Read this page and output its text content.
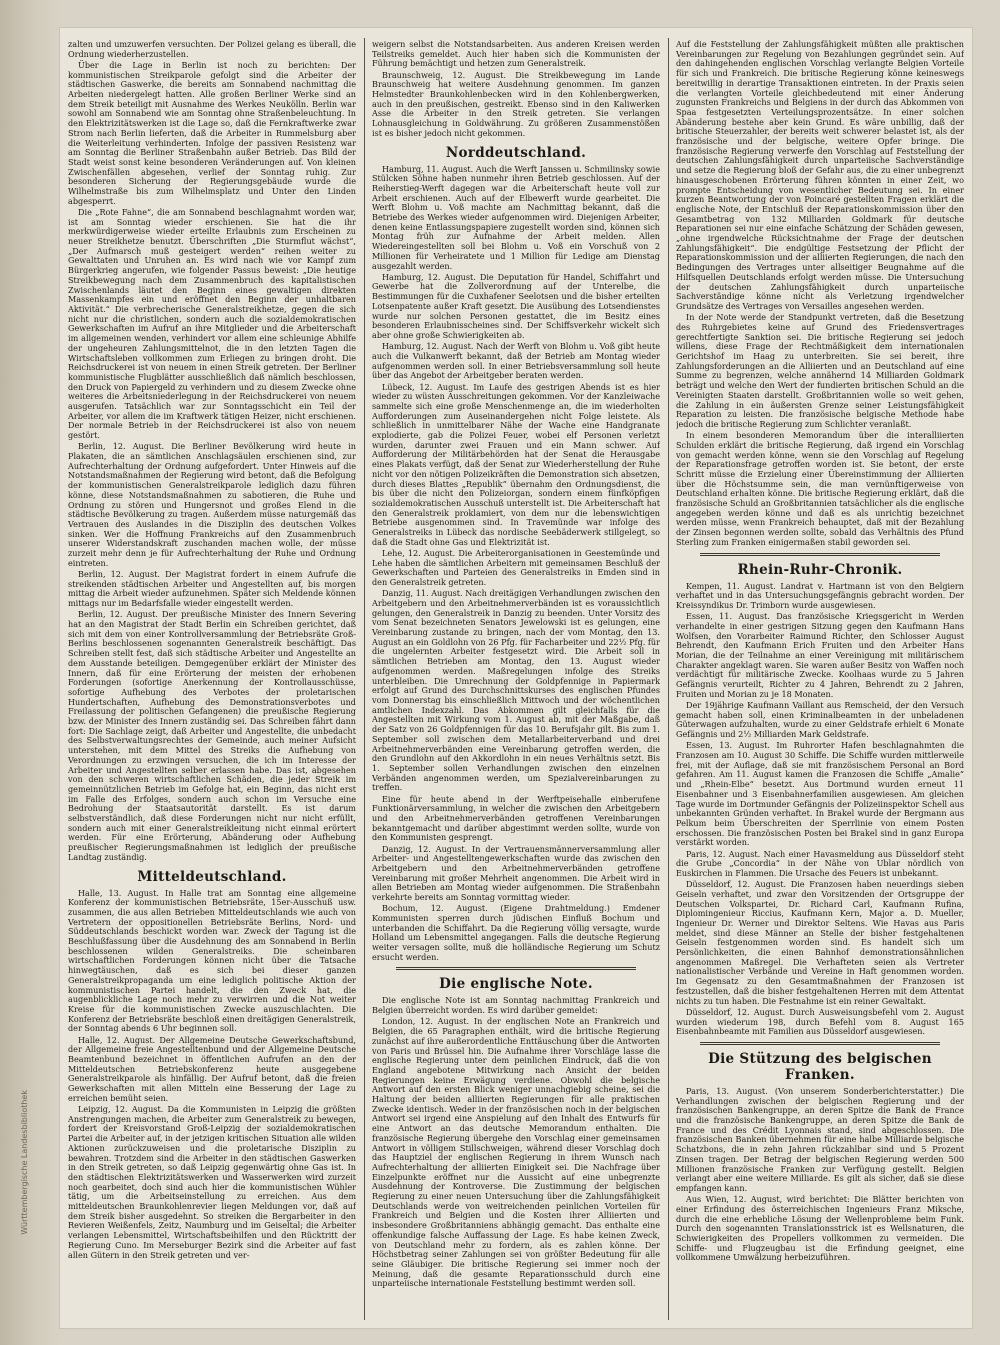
Württembergische Landesbibliothek

zalten und umzuwerfen versuchten. Der Polizei gelang es überall, die Ordnung wiederherzustellen.

Über die Lage in Berlin ist noch zu berichten: Der kommunistischen Streikparole gefolgt sind die Arbeiter der städtischen Gaswerke, die bereits am Sonnabend nachmittag die Arbeiten niedergelegt hatten. Alle großen Berliner Werke sind an dem Streik beteiligt mit Ausnahme des Werkes Neukölln. Berlin war sowohl am Sonnabend wie am Sonntag ohne Straßenbeleuchtung. In den Elektrizitätswerken ist die Lage so, daß die Fernkraftwerke zwar Strom nach Berlin lieferten, daß die Arbeiter in Rummelsburg aber die Weiterleitung verhinderten. Infolge der passiven Resistenz war am Sonntag die Berliner Straßenbahn außer Betrieb. Das Bild der Stadt weist sonst keine besonderen Veränderungen auf. Von kleinen Zwischenfällen abgesehen, verlief der Sonntag ruhig. Zur besonderen Sicherung der Regierungsgebäude wurde die Wilhelmstraße bis zum Wilhelmsplatz und Unter den Linden abgesperrt.

Die „Rote Fahne“, die am Sonnabend beschlagnahmt worden war, ist am Sonntag wieder erschienen. Sie hat die ihr merkwürdigerweise wieder erteilte Erlaubnis zum Erscheinen zu neuer Streikhetze benutzt. Überschriften „Die Sturmflut wächst“, „Der Aufmarsch muß gesteigert werden“ reihen weiter zu Gewalttaten und Unruhen an. Es wird nach wie vor Kampf zum Bürgerkrieg angerufen, wie folgender Passus beweist: „Die heutige Streikbewegung nach dem Zusammenbruch des kapitalistischen Zwischenlands läutet den Beginn eines gewaltigen direkten Massenkampfes ein und eröffnet den Beginn der unhaltbaren Aktivität.“ Die verbrecherische Generalstreikhetze, gegen die sich nicht nur die christlichen, sondern auch die sozialdemokratischen Gewerkschaften im Aufruf an ihre Mitglieder und die Arbeiterschaft im allgemeinen wenden, verhindert vor allem eine schleunige Abhilfe der ungeheuren Zahlungsmittelnot, die in den letzten Tagen die Wirtschaftsleben vollkommen zum Erliegen zu bringen droht. Die Reichsdruckerei ist von neuem in einen Streik getreten. Der Berliner kommunistische Flugblätter ausschließlich daß nämlich beschlossen, den Druck von Papiergeld zu verhindern und zu diesem Zwecke ohne weiteres die Arbeitsniederlegung in der Reichsdruckerei von neuem ausgerufen. Tatsächlich war zur Sonntagsschicht ein Teil der Arbeiter, vor allem die im Kraftwerk tätigen Heizer, nicht erschienen. Der normale Betrieb in der Reichsdruckerei ist also von neuem gestört.

Berlin, 12. August. Die Berliner Bevölkerung wird heute in Plakaten, die an sämtlichen Anschlagsäulen erschienen sind, zur Aufrechterhaltung der Ordnung aufgefordert. Unter Hinweis auf die Notstandsmaßnahmen der Regierung wird betont, daß die Befolgung der kommunistischen Generalstreikparole lediglich dazu führen könne, diese Notstandsmaßnahmen zu sabotieren, die Ruhe und Ordnung zu stören und Hungersnot und großes Elend in die städtische Bevölkerung zu tragen. Außerdem müsse naturgemäß das Vertrauen des Auslandes in die Disziplin des deutschen Volkes sinken. Wer die Hoffnung Frankreichs auf den Zusammenbruch unserer Widerstandskraft zuschanden machen wolle, der müsse zurzeit mehr denn je für Aufrechterhaltung der Ruhe und Ordnung eintreten.

Berlin, 12. August. Der Magistrat fordert in einem Aufrufe die streikenden städtischen Arbeiter und Angestellten auf, bis morgen mittag die Arbeit wieder aufzunehmen. Später sich Meldende können mittags nur im Bedarfsfalle wieder eingestellt werden.

Berlin, 12. August. Der preußische Minister des Innern Severing hat an den Magistrat der Stadt Berlin ein Schreiben gerichtet, daß sich mit dem von einer Kontrollversammlung der Betriebsräte Groß-Berlins beschlossenen sogenannten Generalstreik beschäftigt. Das Schreiben stellt fest, daß sich städtische Arbeiter und Angestellte an dem Ausstande beteiligen. Demgegenüber erklärt der Minister des Innern, daß für eine Erörterung der meisten der erhobenen Forderungen (sofortige Anerkennung der Kontrollausschüsse, sofortige Aufhebung des Verbotes der proletarischen Hundertschaften, Aufhebung des Demonstrationsverbotes und Freilassung der politischen Gefangenen) die preußische Regierung bzw. der Minister des Innern zuständig sei. Das Schreiben fährt dann fort: Die Sachlage zeigt, daß Arbeiter und Angestellte, die unbedacht des Selbstverwaltungsrechtes der Gemeinde, auch meiner Aufsicht unterstehen, mit dem Mittel des Streiks die Aufhebung von Verordnungen zu erzwingen versuchen, die ich im Interesse der Arbeiter und Angestellten selber erlassen habe. Das ist, abgesehen von den schweren wirtschaftlichen Schäden, die jeder Streik im gemeinnützlichen Betrieb im Gefolge hat, ein Beginn, das nicht erst im Falle des Erfolges, sondern auch schon im Versuche eine Bedrohung der Staatsautorität darstellt. Es ist darum selbstverständlich, daß diese Forderungen nicht nur nicht erfüllt, sondern auch mit einer Generalstreikleitung nicht einmal erörtert werden. Für eine Erörterung, Abänderung oder Aufhebung preußischer Regierungsmaßnahmen ist lediglich der preußische Landtag zuständig.

Mitteldeutschland.

Halle, 13. August. In Halle trat am Sonntag eine allgemeine Konferenz der kommunistischen Betriebsräte, 15er-Ausschuß usw. zusammen, die aus allen Betrieben Mitteldeutschlands wie auch von Vertretern der oppositionellen Betriebsräte Berlins, Nord- und Süddeutschlands beschickt worden war. Zweck der Tagung ist die Beschlußfassung über die Ausdehnung des am Sonnabend in Berlin beschlossenen wilden Generalstreiks. Die scheinbaren wirtschaftlichen Forderungen können nicht über die Tatsache hinwegtäuschen, daß es sich bei dieser ganzen Generalstreikpropaganda um eine lediglich politische Aktion der kommunistischen Partei handelt, die den Zweck hat, die augenblickliche Lage noch mehr zu verwirren und die Not weiter Kreise für die kommunistischen Zwecke auszuschlachten. Die Konferenz der Betriebsräte beschloß einen dreitägigen Generalstreik, der Sonntag abends 6 Uhr beginnen soll.

Halle, 12. August. Der Allgemeine Deutsche Gewerkschaftsbund, der Allgemeine freie Angestelltenbund und der Allgemeine Deutsche Beamtenbund bezeichnet in öffentlichen Aufrufen an den der Mitteldeutschen Betriebskonferenz heute ausgegebene Generalstreikparole als hinfällig. Der Aufruf betont, daß die freien Gewerkschaften mit allen Mitteln eine Besserung der Lage zu erreichen bemüht seien.

Leipzig, 12. August. Da die Kommunisten in Leipzig die größten Anstrengungen machen, die Arbeiter zum Generalstreik zu bewegen, fordert der Kreisvorstand Groß-Leipzig der sozialdemokratischen Partei die Arbeiter auf, in der jetzigen kritischen Situation alle wilden Aktionen zurückzuweisen und die proletarische Disziplin zu bewahren. Trotzdem sind die Arbeiter in den städtischen Gaswerken in den Streik getreten, so daß Leipzig gegenwärtig ohne Gas ist. In den städtischen Elektrizitätswerken und Wasserwerken wird zurzeit noch gearbeitet, doch sind auch hier die kommunistischen Wühler tätig, um die Arbeitseinstellung zu erreichen. Aus dem mitteldeutschen Braunkohlenrevier liegen Meldungen vor, daß auf dem Streik bisher ausgedehnt. So streiken die Bergarbeiter in den Revieren Weißenfels, Zeitz, Naumburg und im Geiseltal; die Arbeiter verlangen Lebensmittel, Wirtschaftsbeihilfen und den Rücktritt der Regierung Cuno. Im Merseburger Bezirk sind die Arbeiter auf fast allen Gütern in den Streik getreten und ver-

weigern selbst die Notstandsarbeiten. Aus anderen Kreisen werden Teilstreiks gemeldet. Auch hier haben sich die Kommunisten der Führung bemächtigt und hetzen zum Generalstreik.

Braunschweig, 12. August. Die Streikbewegung im Lande Braunschweig hat weitere Ausdehnung genommen. Im ganzen Helmstedter Braunkohlenbecken wird in den Kohlenbergwerken, auch in den preußischen, gestreikt. Ebenso sind in den Kaliwerken Asse die Arbeiter in den Streik getreten. Sie verlangen Lohnausgleichung in Goldwährung. Zu größeren Zusammenstößen ist es bisher jedoch nicht gekommen.

Norddeutschland.

Hamburg, 11. August. Auch die Werft Janssen u. Schmilinsky sowie Stülcken Söhne haben nunmehr ihren Betrieb geschlossen. Auf der Reiherstieg-Werft dagegen war die Arbeiterschaft heute voll zur Arbeit erschienen. Auch auf der Elbewerft wurde gearbeitet. Die Werft Blohm u. Voß machte am Nachmittag bekannt, daß die Betriebe des Werkes wieder aufgenommen wird. Diejenigen Arbeiter, denen keine Entlassungspapiere zugestellt worden sind, können sich Montag früh zur Aufnahme der Arbeit melden. Allen Wiedereingestellten soll bei Blohm u. Voß ein Vorschuß von 2 Millionen für Verheiratete und 1 Million für Ledige am Dienstag ausgezahlt werden.

Hamburg, 12. August. Die Deputation für Handel, Schiffahrt und Gewerbe hat die Zollverordnung auf der Unterelbe, die Bestimmungen für die Cuxhafener Seelotsen und die bisher erteilten Lotsenpatente außer Kraft gesetzt. Die Ausübung des Lotsendienstes wurde nur solchen Personen gestattet, die im Besitz eines besonderen Erlaubnisscheines sind. Der Schiffsverkehr wickelt sich aber ohne große Schwierigkeiten ab.

Hamburg, 12. August. Nach der Werft von Blohm u. Voß gibt heute auch die Vulkanwerft bekannt, daß der Betrieb am Montag wieder aufgenommen werden soll. In einer Betriebsversammlung soll heute über das Angebot der Arbeitgeber beraten werden.

Lübeck, 12. August. Im Laufe des gestrigen Abends ist es hier wieder zu wüsten Ausschreitungen gekommen. Vor der Kanzleiwache sammelte sich eine große Menschenmenge an, die im wiederholten Aufforderungen zum Auseinandergehen nicht Folge leistete. Als schließlich in unmittelbarer Nähe der Wache eine Handgranate explodierte, gab die Polizei Feuer, wobei elf Personen verletzt wurden, darunter zwei Frauen und ein Mann schwer. Auf Aufforderung der Militärbehörden hat der Senat die Herausgabe eines Plakats verfügt, daß der Senat zur Wiederherstellung der Ruhe nicht vor den nötigen Polizeikräften die Demonstration sich absetzen, durch dieses Blattes „Republik“ übernahm den Ordnungsdienst, die bis über die nicht den Polizeiorgan, sondern einem fünfköpfigen sozialdemokratischen Ausschuß unterstellt ist. Die Arbeiterschaft hat den Generalstreik proklamiert, von dem nur die lebenswichtigen Betriebe ausgenommen sind. In Travemünde war infolge des Generalstreiks in Lübeck das nordische Seebäderwerk stillgelegt, so daß die Stadt ohne Gas und Elektrizität ist.

Lehe, 12. August. Die Arbeiterorganisationen in Geestemünde und Lehe haben die sämtlichen Arbeitern mit gemeinsamen Beschluß der Gewerkschaften und Parteien des Generalstreiks in Emden sind in den Generalstreik getreten.

Danzig, 11. August. Nach dreitägigen Verhandlungen zwischen den Arbeitgebern und den Arbeitnehmerverbänden ist es voraussichtlich gelungen, den Generalstreik in Danzig zu beenden. Unter Vorsitz des vom Senat bezeichneten Senators Jewelowski ist es gelungen, eine Vereinbarung zustande zu bringen, nach der vom Montag, den 13. August an ein Goldlohn von 26 Pfg. für Facharbeiter und 22½ Pfg. für die ungelernten Arbeiter festgesetzt wird. Die Arbeit soll in sämtlichen Betrieben am Montag, den 13. August wieder aufgenommen werden. Maßregelungen infolge des Streiks unterbleiben. Die Umrechnung der Goldpfennige in Papiermark erfolgt auf Grund des Durchschnittskurses des englischen Pfundes vom Donnerstag bis einschließlich Mittwoch und der wöchentlichen amtlichen Indexzahl. Das Abkommen gilt gleichfalls für die Angestellten mit Wirkung vom 1. August ab, mit der Maßgabe, daß der Satz von 26 Goldpfennigen für das 10. Berufsjahr gilt. Bis zum 1. September soll zwischen dem Metallarbeiterverband und drei Arbeitnehmerverbänden eine Vereinbarung getroffen werden, die den Grundlohn auf den Akkordlohn in ein neues Verhältnis setzt. Bis 1. September sollen Verhandlungen zwischen den einzelnen Verbänden angenommen werden, um Spezialvereinbarungen zu treffen.

Eine für heute abend in der Werftpeisehalle einberufene Funktionärversammlung, in welcher die zwischen den Arbeitgebern und den Arbeitnehmerverbänden getroffenen Vereinbarungen bekanntgemacht und darüber abgestimmt werden sollte, wurde von den Kommunisten gesprengt.

Danzig, 12. August. In der Vertrauensmännerversammlung aller Arbeiter- und Angestelltengewerkschaften wurde das zwischen den Arbeitgebern und den Arbeitnehmerverbänden getroffene Vereinbarung mit großer Mehrheit angenommen. Die Arbeit wird in allen Betrieben am Montag wieder aufgenommen. Die Straßenbahn verkehrte bereits am Sonntag vormittag wieder.

Bochum, 12. August. (Eigene Drahtmeldung.) Emdener Kommunisten sperren durch jüdischen Einfluß Bochum und unterbanden die Schiffahrt. Da die Regierung völlig versagte, wurde Holland um Lebensmittel angegangen. Falls die deutsche Regierung weiter versagen sollte, muß die holländische Regierung um Schutz ersucht werden.

Die englische Note.

Die englische Note ist am Sonntag nachmittag Frankreich und Belgien überreicht worden. Es wird darüber gemeldet:

London, 12. August. In der englischen Note an Frankreich und Belgien, die 65 Paragraphen enthält, wird die britische Regierung zunächst auf ihre außerordentliche Enttäuschung über die Antworten von Paris und Brüssel hin. Die Aufnahme ihrer Vorschläge lasse die englische Regierung unter dem peinlichen Eindruck, daß die von England angebotene Mitwirkung nach Ansicht der beiden Regierungen keine Erwägung verdiene. Obwohl die belgische Antwort auf den ersten Blick weniger unnachgiebig scheine, sei die Haltung der beiden alliierten Regierungen für alle praktischen Zwecke identisch. Weder in der französischen noch in der belgischen Antwort sei irgend eine Anspielung auf den Inhalt des Entwurfs für eine Antwort an das deutsche Memorandum enthalten. Die französische Regierung übergehe den Vorschlag einer gemeinsamen Antwort in völligem Stillschweigen, während dieser Vorschlag doch das Hauptziel der englischen Regierung in ihrem Wunsch nach Aufrechterhaltung der alliierten Einigkeit sei. Die Nachfrage über Einzelpunkte eröffnet nur die Aussicht auf eine unbegrenzte Ausdehnung der Kontroverse. Die Zustimmung der belgischen Regierung zu einer neuen Untersuchung über die Zahlungsfähigkeit Deutschlands werde von weitreichenden peinlichen Vorteilen für Frankreich und Belgien und die Kosten ihrer Alliierten und insbesondere Großbritanniens abhängig gemacht. Das enthalte eine offenkundige falsche Auffassung der Lage. Es habe keinen Zweck, von Deutschland mehr zu fordern, als es zahlen könne. Der Höchstbetrag seiner Zahlungen sei von größter Bedeutung für alle seine Gläubiger. Die britische Regierung sei immer noch der Meinung, daß die gesamte Reparationsschuld durch eine unparteiische internationale Feststellung bestimmt werden soll.

Auf die Feststellung der Zahlungsfähigkeit müßten alle praktischen Vereinbarungen zur Regelung von Bezahlungen gegründet sein. Auf den dahingehenden englischen Vorschlag verlangte Belgien Vorteile für sich und Frankreich. Die britische Regierung könne keineswegs bereitwillig in derartige Transaktionen eintreten. In der Praxis seien die verlangten Vorteile gleichbedeutend mit einer Änderung zugunsten Frankreichs und Belgiens in der durch das Abkommen von Spaa festgesetzten Verteilungsprozentsätze. In einer solchen Abänderung bestehe aber kein Grund. Es wäre unbillig, daß der britische Steuerzahler, der bereits weit schwerer belastet ist, als der französische und der belgische, weitere Opfer bringe. Die französische Regierung verwerfe den Vorschlag auf Feststellung der deutschen Zahlungsfähigkeit durch unparteiische Sachverständige und setze die Regierung bloß der Gefahr aus, die zu einer unbegrenzt hinausgeschobenen Erörterung führen könnten in einer Zeit, wo prompte Entscheidung von wesentlicher Bedeutung sei. In einer kurzen Beantwortung der von Poincaré gestellten Fragen erklärt die englische Note, der Entschluß der Reparationskommission über den Gesamtbetrag von 132 Milliarden Goldmark für deutsche Reparationen sei nur eine einfache Schätzung der Schäden gewesen, „ohne irgendwelche Rücksichtnahme der Frage der deutschen Zahlungsfähigkeit“. Die endgültige Festsetzung der Pflicht der Reparationskommission und der alliierten Regierungen, die nach den Bedingungen des Vertrages unter allseitiger Beugnahme auf die Hilfsquellen Deutschlands erfolgt werden müsse. Die Untersuchung der deutschen Zahlungsfähigkeit durch unparteiische Sachverständige könne nicht als Verletzung irgendwelcher Grundsätze des Vertrages von Versailles angesehen werden.

In der Note werde der Standpunkt vertreten, daß die Besetzung des Ruhrgebietes keine auf Grund des Friedensvertrages gerechtfertigte Sanktion sei. Die britische Regierung sei jedoch willens, diese Frage der Rechtmäßigkeit dem internationalen Gerichtshof im Haag zu unterbreiten. Sie sei bereit, ihre Zahlungsforderungen an die Alliierten und an Deutschland auf eine Summe zu begrenzen, welche annähernd 14 Milliarden Goldmark beträgt und welche den Wert der fundierten britischen Schuld an die Vereinigten Staaten darstellt. Großbritannien wolle so weit gehen, die Zahlung in ein äußersten Grenze seiner Leistungsfähigkeit Reparation zu leisten. Die französische belgische Methode habe jedoch die britische Regierung zum Schlichter veranlaßt.

In einem besonderen Memorandum über die interalliierten Schulden erklärt die britische Regierung, daß irgend ein Vorschlag von gemacht werden könne, wenn sie den Vorschlag auf Regelung der Reparationsfrage getroffen worden ist. Sie betont, der erste Schritt müsse die Erzielung einer Übereinstimmung der Alliierten über die Höchstsumme sein, die man vernünftigerweise von Deutschland erhalten könne. Die britische Regierung erklärt, daß die französische Schuld an Großbritannien tatsächlicher als die englische angegeben werden könne und daß es als unrichtig bezeichnet werden müsse, wenn Frankreich behauptet, daß mit der Bezahlung der Zinsen begonnen werden sollte, sobald das Verhältnis des Pfund Sterling zum Franken einigermaßen stabil geworden sei.

Rhein-Ruhr-Chronik.

Kempen, 11. August. Landrat v. Hartmann ist von den Belgiern verhaftet und in das Untersuchungsgefängnis gebracht worden. Der Kreissyndikus Dr. Trimborn wurde ausgewiesen.

Essen, 11. August. Das französische Kriegsgericht in Werden verhandelte in einer gestrigen Sitzung gegen den Kaufmann Hans Wolfsen, den Vorarbeiter Raimund Richter, den Schlosser August Behrendt, den Kaufmann Erich Fruiten und den Arbeiter Hans Morian, die der Teilnahme an einer Vereinigung mit militärischem Charakter angeklagt waren. Sie waren außer Besitz von Waffen noch verdächtigt für militärische Zwecke. Koolhaas wurde zu 5 Jahren Gefängnis verurteilt, Richter zu 4 Jahren, Behrendt zu 2 Jahren, Fruiten und Morian zu je 18 Monaten.

Der 19jährige Kaufmann Vaillant aus Remscheid, der den Versuch gemacht haben soll, einen Kriminalbeamten in der unbeladenen Güterwagen aufzuhalten, wurde zu einer Geldstrafe erhielt 6 Monate Gefängnis und 2½ Milliarden Mark Geldstrafe.

Essen, 13. August. Im Ruhrorter Hafen beschlagnahmten die Franzosen am 10. August 30 Schiffe. Die Schiffe wurden mittlerweile frei, mit der Auflage, daß sie mit französischem Personal an Bord gefahren. Am 11. August kamen die Franzosen die Schiffe „Amalie“ und „Rhein-Elbe“ besetzt. Aus Dortmund wurden erneut 11 Eisenbahner und 3 Eisenbahnerfamilien ausgewiesen. Am gleichen Tage wurde im Dortmunder Gefängnis der Polizeiinspektor Schell aus unbekannten Gründen verhaftet. In Brakel wurde der Bergmann aus Pelkum beim Überschreiten der Sperrlinie von einem Posten erschossen. Die französischen Posten bei Brakel sind in ganz Europa verstärkt worden.

Paris, 12. August. Nach einer Havasmeldung aus Düsseldorf steht die Grube „Concordia“ in der Nähe von Ublar nördlich von Euskirchen in Flammen. Die Ursache des Feuers ist unbekannt.

Düsseldorf, 12. August. Die Franzosen haben neuerdings sieben Geiseln verhaftet, und zwar den Vorsitzenden der Ortsgruppe der Deutschen Volkspartei, Dr. Richard Carl, Kaufmann Rufina, Diplomingenieur Riccius, Kaufmann Kern, Major a. D. Mueller, Ingenieur Dr. Werner und Direktor Seltens. Wie Havas aus Paris meldet, sind diese Männer an Stelle der bisher festgehaltenen Geiseln festgenommen worden sind. Es handelt sich um Persönlichkeiten, die einen Bahnhof demonstrationsähnlichen angenommen Maßregel. Die Verhafteten seien als Vertreter nationalistischer Verbände und Vereine in Haft genommen worden. Im Gegensatz zu den Gesamtmaßnahmen der Franzosen ist festzustellen, daß die bisher festgehaltenen Herren mit dem Attentat nichts zu tun haben. Die Festnahme ist ein reiner Gewaltakt.

Düsseldorf, 12. August. Durch Ausweisungsbefehl vom 2. August wurden wiederum 198, durch Befehl vom 8. August 165 Eisenbahnbeamte mit Familien aus Düsseldorf ausgewiesen.

Die Stützung des belgischen Franken.

Paris, 13. August. (Von unserem Sonderberichterstatter.) Die Verhandlungen zwischen der belgischen Regierung und der französischen Bankengruppe, an deren Spitze die Bank de France und die französische Bankengruppe, an deren Spitze die Bank de France und des Crédit Lyonnais stand, sind abgeschlossen. Die französischen Banken übernehmen für eine halbe Milliarde belgische Schatzbons, die in zehn Jahren rückzahlbar sind und 5 Prozent Zinsen tragen. Der Betrag der belgischen Regierung werden 500 Millionen französische Franken zur Verfügung gestellt. Belgien verlangt aber eine weitere Milliarde. Es gilt als sicher, daß sie diese empfangen kann.

Aus Wien, 12. August, wird berichtet: Die Blätter berichten von einer Erfindung des österreichischen Ingenieurs Franz Miksche, durch die eine erhebliche Lösung der Wellenprobleme beim Funk. Durch den sogenannten Translationsstrick ist es Wellsnaturen, die Schwierigkeiten des Propellers vollkommen zu vermeiden. Die Schiffe- und Flugzeugbau ist die Erfindung geeignet, eine vollkommene Umwälzung herbeizuführen.
